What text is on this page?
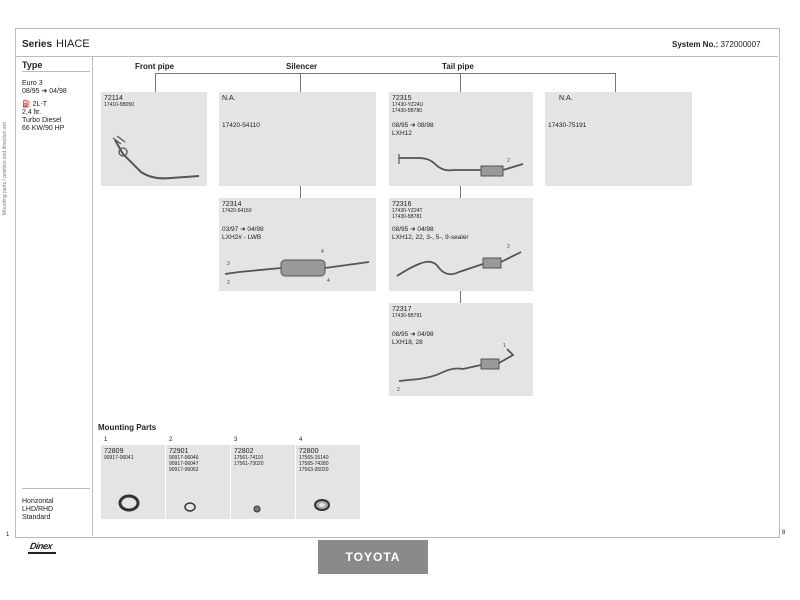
Series HIACE	System No.: 372000007
Mounting parts / position and direction are
Type
Euro 3
08/95 ➜ 04/98
⛽ 2L-T
2,4 ltr.
Turbo Diesel
66 KW/90 HP
Horizontal
LHD/RHD
Standard
Front pipe	Silencer	Tail pipe
72114
17410-5B050
N.A.
17420-54110
72315
17430-YZ24U
17430-5B780
08/95 ➜ 08/98
LXH12
2
N.A.
17430-75191
72314
17420-54160
03/97 ➜ 04/98
LXH2# - LWB
3
2
4
4
72316
17430-YZ24T
17430-5B781
08/95 ➜ 04/98
LXH12, 22, 3-, 5-, 9-sealer
2
72317
17430-5B791
08/95 ➜ 04/98
LXH18, 28
2
1
Mounting Parts
1
72809
90917-06041
2
72901
90917-06046
90917-06047
90917-06062
3
72802
17561-74110
17561-73020
4
72800
17565-15140
17565-74280
17563-35020
1	8
Dinex
TOYOTA
